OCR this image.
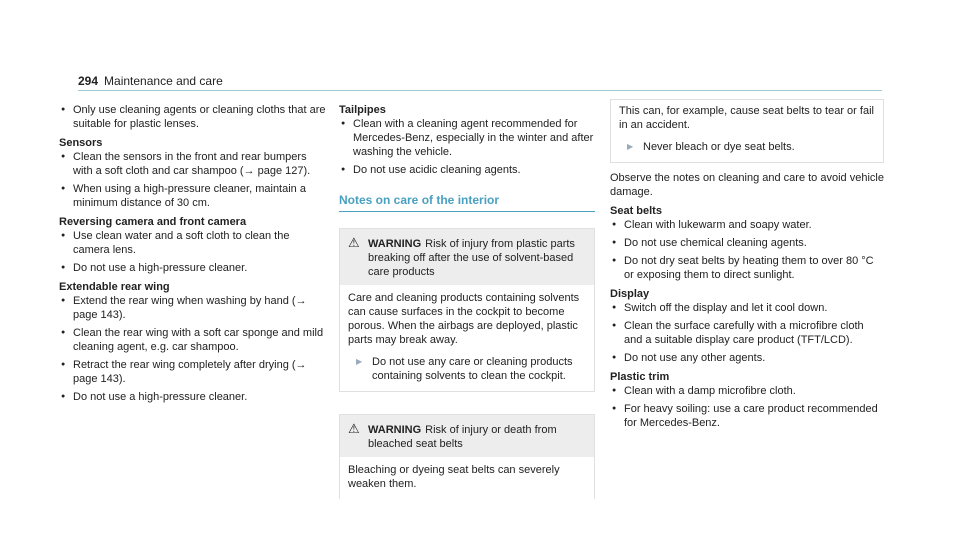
294 Maintenance and care
● Only use cleaning agents or cleaning cloths that are suitable for plastic lenses.
Sensors
● Clean the sensors in the front and rear bumpers with a soft cloth and car shampoo (→ page 127).
● When using a high-pressure cleaner, maintain a minimum distance of 30 cm.
Reversing camera and front camera
● Use clean water and a soft cloth to clean the camera lens.
● Do not use a high-pressure cleaner.
Extendable rear wing
● Extend the rear wing when washing by hand (→ page 143).
● Clean the rear wing with a soft car sponge and mild cleaning agent, e.g. car shampoo.
● Retract the rear wing completely after drying (→ page 143).
● Do not use a high-pressure cleaner.
Tailpipes
● Clean with a cleaning agent recommended for Mercedes-Benz, especially in the winter and after washing the vehicle.
● Do not use acidic cleaning agents.
Notes on care of the interior
⚠ WARNING Risk of injury from plastic parts breaking off after the use of solvent-based care products
Care and cleaning products containing solvents can cause surfaces in the cockpit to become porous. When the airbags are deployed, plastic parts may break away.
▶ Do not use any care or cleaning products containing solvents to clean the cockpit.
⚠ WARNING Risk of injury or death from bleached seat belts
Bleaching or dyeing seat belts can severely weaken them.
This can, for example, cause seat belts to tear or fail in an accident.
▶ Never bleach or dye seat belts.
Observe the notes on cleaning and care to avoid vehicle damage.
Seat belts
● Clean with lukewarm and soapy water.
● Do not use chemical cleaning agents.
● Do not dry seat belts by heating them to over 80 °C or exposing them to direct sunlight.
Display
● Switch off the display and let it cool down.
● Clean the surface carefully with a microfibre cloth and a suitable display care product (TFT/LCD).
● Do not use any other agents.
Plastic trim
● Clean with a damp microfibre cloth.
● For heavy soiling: use a care product recommended for Mercedes-Benz.
